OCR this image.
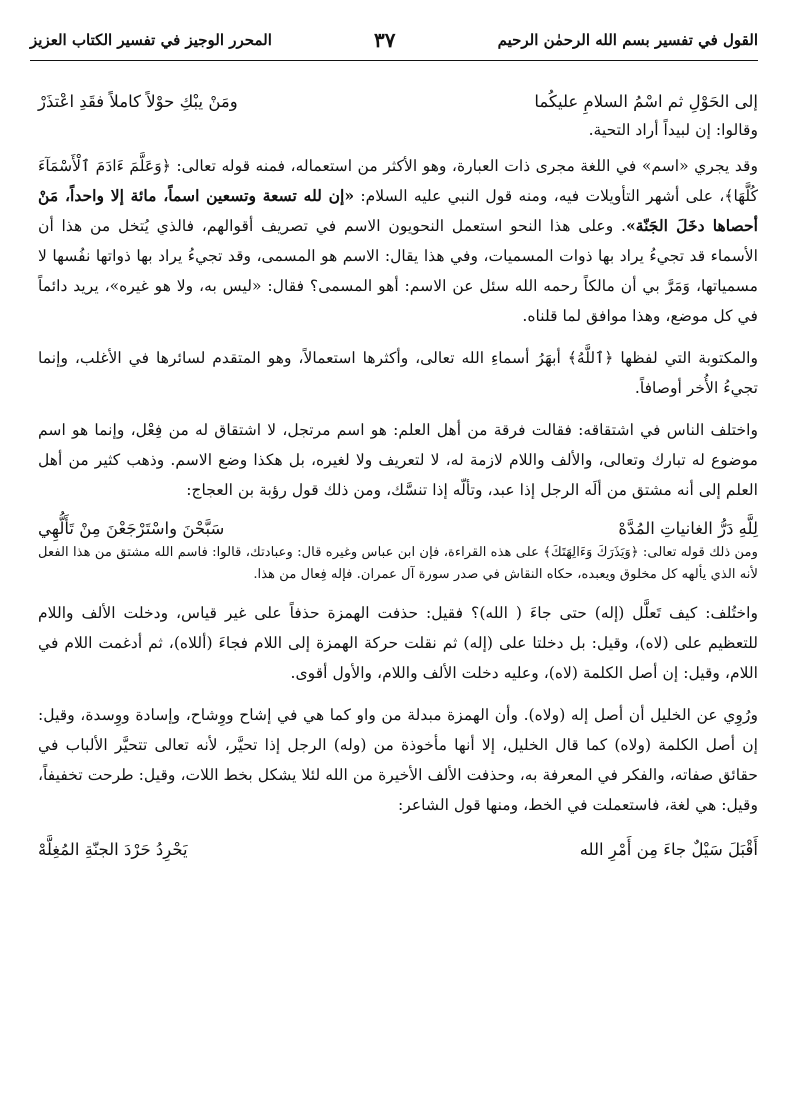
القول في تفسير بسم الله الرحمٰن الرحيم
٣٧
المحرر الوجيز في تفسير الكتاب العزيز
إلى الحَوْلِ ثم اسْمُ السلامِ عليكُما
ومَنْ يبْكِ حوْلاً كاملاً فقَدِ اعْتذَرْ

وقالوا: إن لبيداً أراد التحية.

وقد يجري «اسم» في اللغة مجرى ذات العبارة، وهو الأكثر من استعماله، فمنه قوله تعالى: ﴿وَعَلَّمَ ءَادَمَ ٱلْأَسْمَآءَ كُلَّهَا﴾، على أشهر التأويلات فيه، ومنه قول النبي عليه السلام: «إن لله تسعة وتسعين اسماً، مائة إلا واحداً، مَنْ أحصاها دخَلَ الجَنّة». وعلى هذا النحو استعمل النحويون الاسم في تصريف أقوالهم، فالذي يُتخل من هذا أن الأسماء قد تجيءُ يراد بها ذوات المسميات، وفي هذا يقال: الاسم هو المسمى، وقد تجيءُ يراد بها ذواتها نفُسها لا مسمياتها، وَمَرَّ بي أن مالكاً رحمه الله سئل عن الاسم: أهو المسمى؟ فقال: «ليس به، ولا هو غيره»، يريد دائماً في كل موضع، وهذا موافق لما قلناه.

والمكتوبة التي لفظها ﴿ٱللَّهُ﴾ أبهَرُ أسماءِ الله تعالى، وأكثرها استعمالاً، وهو المتقدم لسائرها في الأغلب، وإنما تجيءُ الأُخر أوصافاً.

واختلف الناس في اشتقاقه: فقالت فرقة من أهل العلم: هو اسم مرتجل، لا اشتقاق له من فِعْل، وإنما هو اسم موضوع له تبارك وتعالى، والألف واللام لازمة له، لا لتعريف ولا لغيره، بل هكذا وضع الاسم. وذهب كثير من أهل العلم إلى أنه مشتق من ألَه الرجل إذا عبد، وتألّه إذا تنسَّك، ومن ذلك قول رؤبة بن العجاج:

لِلَّهِ دَرُّ الغانياتِ المُدَّهْ
سَبَّحْنَ واسْتَرْجَعْنَ مِنْ تَأَلُّهِي

ومن ذلك قوله تعالى: ﴿وَيَذَرَكَ وَءَالِهَتَكَ﴾ على هذه القراءة، فإن ابن عباس وغيره قال: وعبادتك، قالوا: فاسم الله مشتق من هذا الفعل لأنه الذي يألهه كل مخلوق ويعبده، حكاه النقاش في صدر سورة آل عمران. فإله فِعال من هذا.

واختُلف: كيف تَعلَّل (إله) حتى جاءَ ( الله)؟ فقيل: حذفت الهمزة حذفاً على غير قياس، ودخلت الألف واللام للتعظيم على (لاه)، وقيل: بل دخلتا على (إله) ثم نقلت حركة الهمزة إلى اللام فجاءَ (أللاه)، ثم أدغمت اللام في اللام، وقيل: إن أصل الكلمة (لاه)، وعليه دخلت الألف واللام، والأول أقوى.

ورُوِي عن الخليل أن أصل إله (ولاه). وأن الهمزة مبدلة من واو كما هي في إشاح ووِشاح، وإسادة ووِسدة، وقيل: إن أصل الكلمة (ولاه) كما قال الخليل، إلا أنها مأخوذة من (وله) الرجل إذا تحيَّر، لأنه تعالى تتحيَّر الألباب في حقائق صفاته، والفكر في المعرفة به، وحذفت الألف الأخيرة من الله لئلا يشكل بخط اللات، وقيل: طرحت تخفيفاً، وقيل: هي لغة، فاستعملت في الخط، ومنها قول الشاعر:

أَقْبَلَ سَيْلٌ جاءَ مِن أَمْرِ الله
يَحْرِدُ حَرْدَ الجنّةِ المُغِلَّهْ
